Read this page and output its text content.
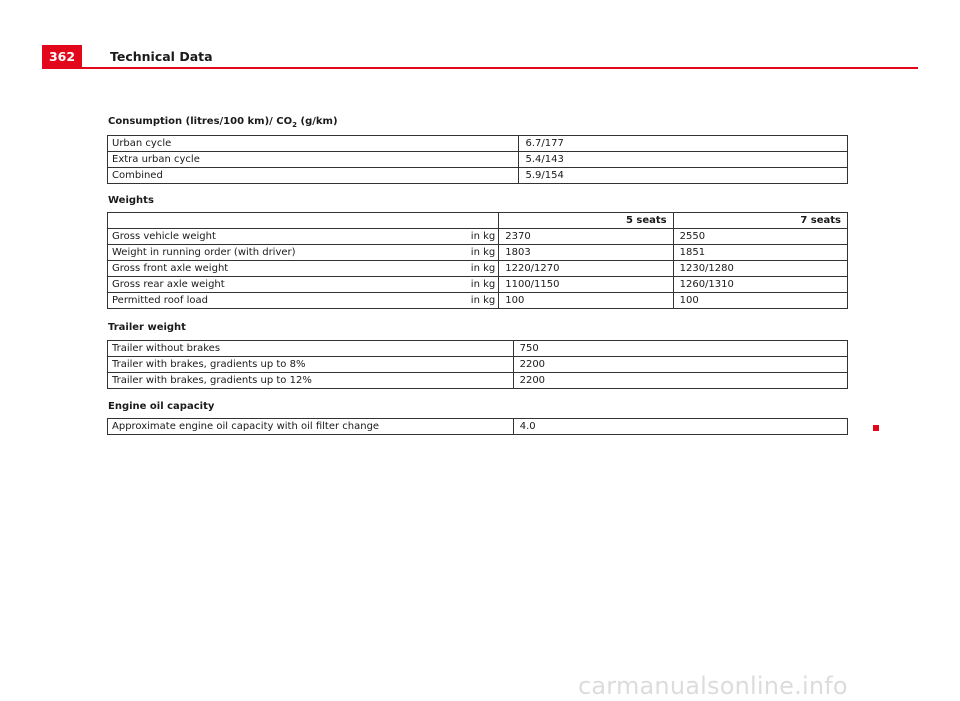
362	Technical Data
Consumption (litres/100 km)/ $CO_2$ (g/km)
Urban cycle	6.7/177
Extra urban cycle	5.4/143
Combined	5.9/154
Weights
		5 seats	7 seats
Gross vehicle weight	in kg	2370	2550
Weight in running order (with driver)	in kg	1803	1851
Gross front axle weight	in kg	1220/1270	1230/1280
Gross rear axle weight	in kg	1100/1150	1260/1310
Permitted roof load	in kg	100	100
Trailer weight
Trailer without brakes	750
Trailer with brakes, gradients up to 8%	2200
Trailer with brakes, gradients up to 12%	2200
Engine oil capacity
Approximate engine oil capacity with oil filter change	4.0
carmanualsonline.info
